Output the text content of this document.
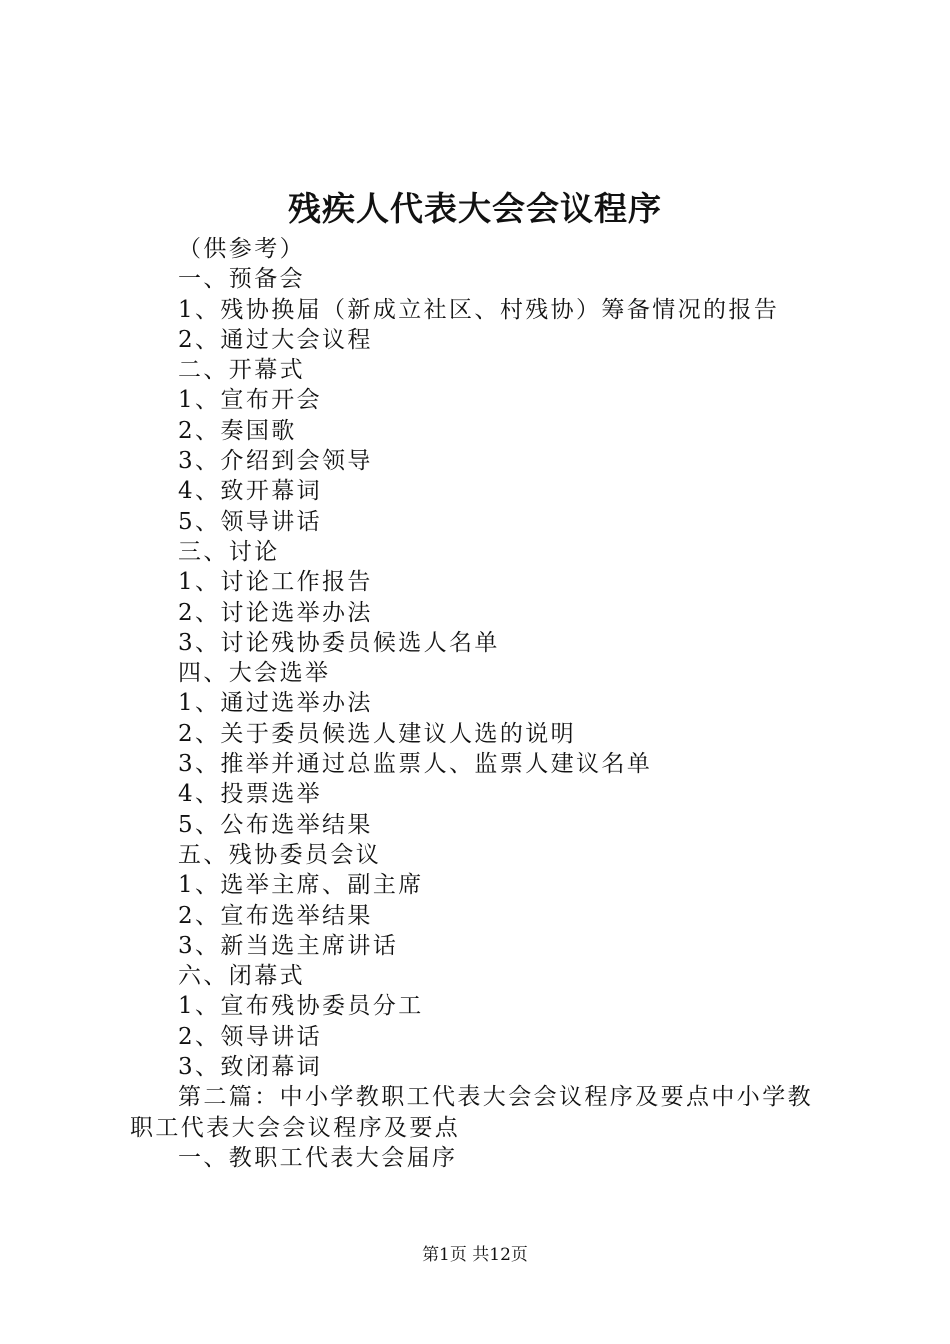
残疾人代表大会会议程序
（供参考）
一、预备会
1、残协换届（新成立社区、村残协）筹备情况的报告
2、通过大会议程
二、开幕式
1、宣布开会
2、奏国歌
3、介绍到会领导
4、致开幕词
5、领导讲话
三、讨论
1、讨论工作报告
2、讨论选举办法
3、讨论残协委员候选人名单
四、大会选举
1、通过选举办法
2、关于委员候选人建议人选的说明
3、推举并通过总监票人、监票人建议名单
4、投票选举
5、公布选举结果
五、残协委员会议
1、选举主席、副主席
2、宣布选举结果
3、新当选主席讲话
六、闭幕式
1、宣布残协委员分工
2、领导讲话
3、致闭幕词
第二篇：中小学教职工代表大会会议程序及要点中小学教职工代表大会会议程序及要点
一、教职工代表大会届序
第1页 共12页
